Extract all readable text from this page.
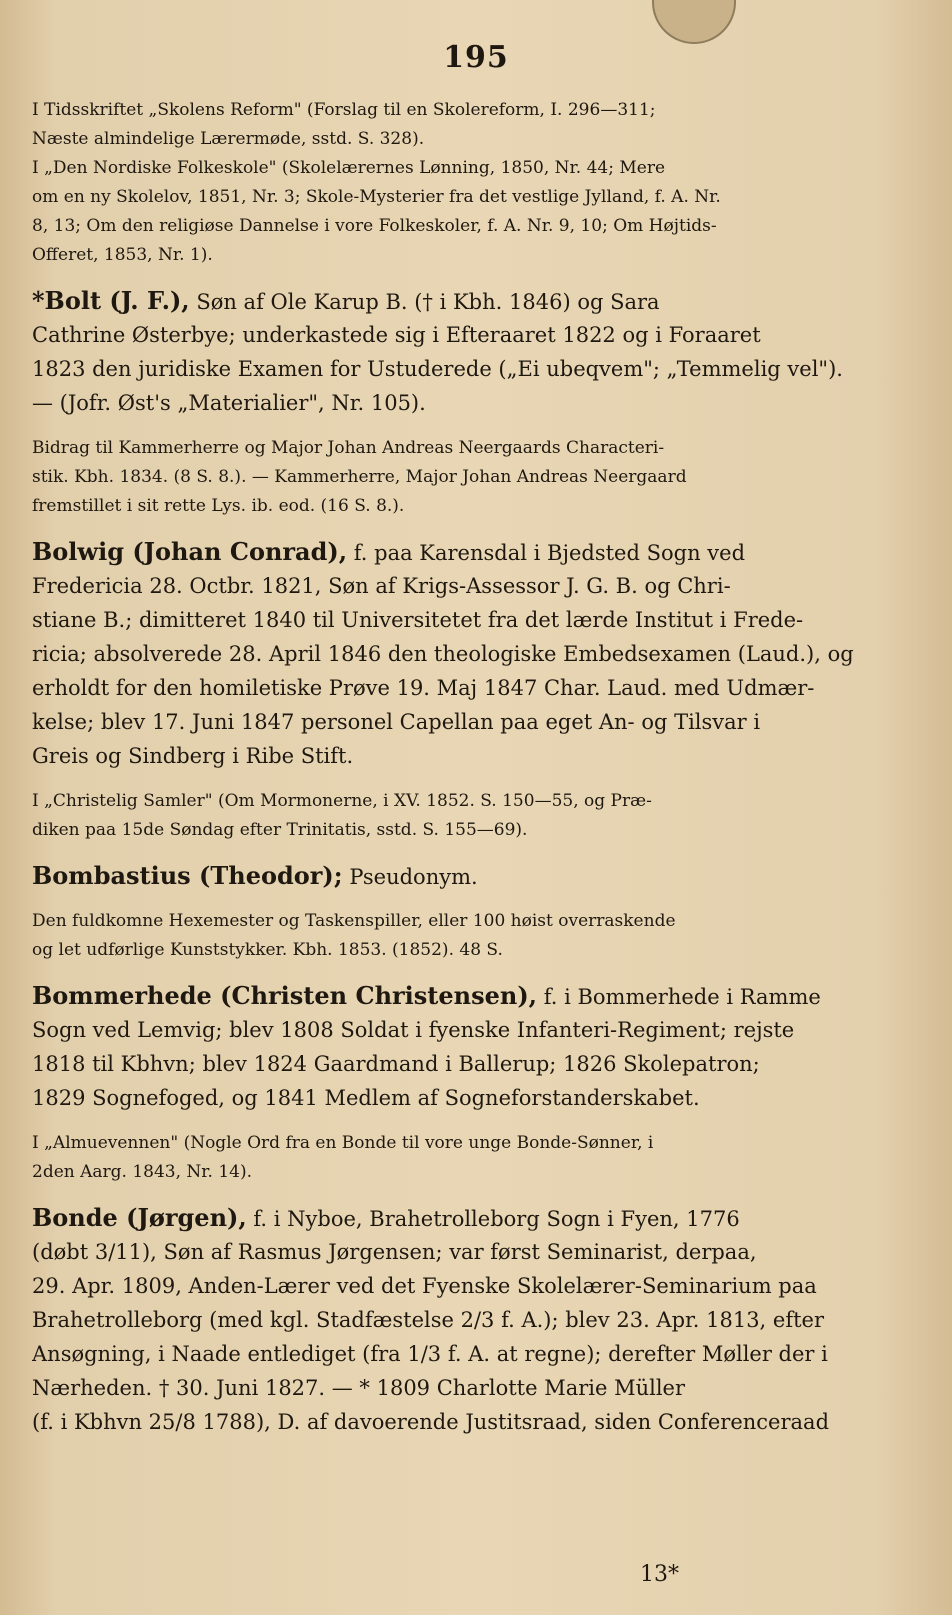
195
I Tidsskriftet „Skolens Reform" (Forslag til en Skolereform, I. 296—311;
Næste almindelige Lærermøde, sstd. S. 328).
I „Den Nordiske Folkeskole" (Skolelærernes Lønning, 1850, Nr. 44; Mere
om en ny Skolelov, 1851, Nr. 3; Skole-Mysterier fra det vestlige Jylland, f. A. Nr.
8, 13; Om den religiøse Dannelse i vore Folkeskoler, f. A. Nr. 9, 10; Om Højtids-
Offeret, 1853, Nr. 1).
*Bolt (J. F.), Søn af Ole Karup B. († i Kbh. 1846) og Sara
Cathrine Østerbye; underkastede sig i Efteraaret 1822 og i Foraaret
1823 den juridiske Examen for Ustuderede („Ei ubeqvem"; „Temmelig vel").
— (Jofr. Øst's „Materialier", Nr. 105).
Bidrag til Kammerherre og Major Johan Andreas Neergaards Characteri-
stik. Kbh. 1834. (8 S. 8.). — Kammerherre, Major Johan Andreas Neergaard
fremstillet i sit rette Lys. ib. eod. (16 S. 8.).
Bolwig (Johan Conrad), f. paa Karensdal i Bjedsted Sogn ved
Fredericia 28. Octbr. 1821, Søn af Krigs-Assessor J. G. B. og Chri-
stiane B.; dimitteret 1840 til Universitetet fra det lærde Institut i Frede-
ricia; absolverede 28. April 1846 den theologiske Embedsexamen (Laud.), og
erholdt for den homiletiske Prøve 19. Maj 1847 Char. Laud. med Udmær-
kelse; blev 17. Juni 1847 personel Capellan paa eget An- og Tilsvar i
Greis og Sindberg i Ribe Stift.
I „Christelig Samler" (Om Mormonerne, i XV. 1852. S. 150—55, og Præ-
diken paa 15de Søndag efter Trinitatis, sstd. S. 155—69).
Bombastius (Theodor); Pseudonym.
Den fuldkomne Hexemester og Taskenspiller, eller 100 høist overraskende
og let udførlige Kunststykker. Kbh. 1853. (1852). 48 S.
Bommerhede (Christen Christensen), f. i Bommerhede i Ramme
Sogn ved Lemvig; blev 1808 Soldat i fyenske Infanteri-Regiment; rejste
1818 til Kbhvn; blev 1824 Gaardmand i Ballerup; 1826 Skolepatron;
1829 Sognefoged, og 1841 Medlem af Sogneforstanderskabet.
I „Almuevennen" (Nogle Ord fra en Bonde til vore unge Bonde-Sønner, i
2den Aarg. 1843, Nr. 14).
Bonde (Jørgen), f. i Nyboe, Brahetrolleborg Sogn i Fyen, 1776
(døbt 3/11), Søn af Rasmus Jørgensen; var først Seminarist, derpaa,
29. Apr. 1809, Anden-Lærer ved det Fyenske Skolelærer-Seminarium paa
Brahetrolleborg (med kgl. Stadfæstelse 2/3 f. A.); blev 23. Apr. 1813, efter
Ansøgning, i Naade entlediget (fra 1/3 f. A. at regne); derefter Møller der i
Nærheden. † 30. Juni 1827. — * 1809 Charlotte Marie Müller
(f. i Kbhvn 25/8 1788), D. af davoerende Justitsraad, siden Conferenceraad
13*
